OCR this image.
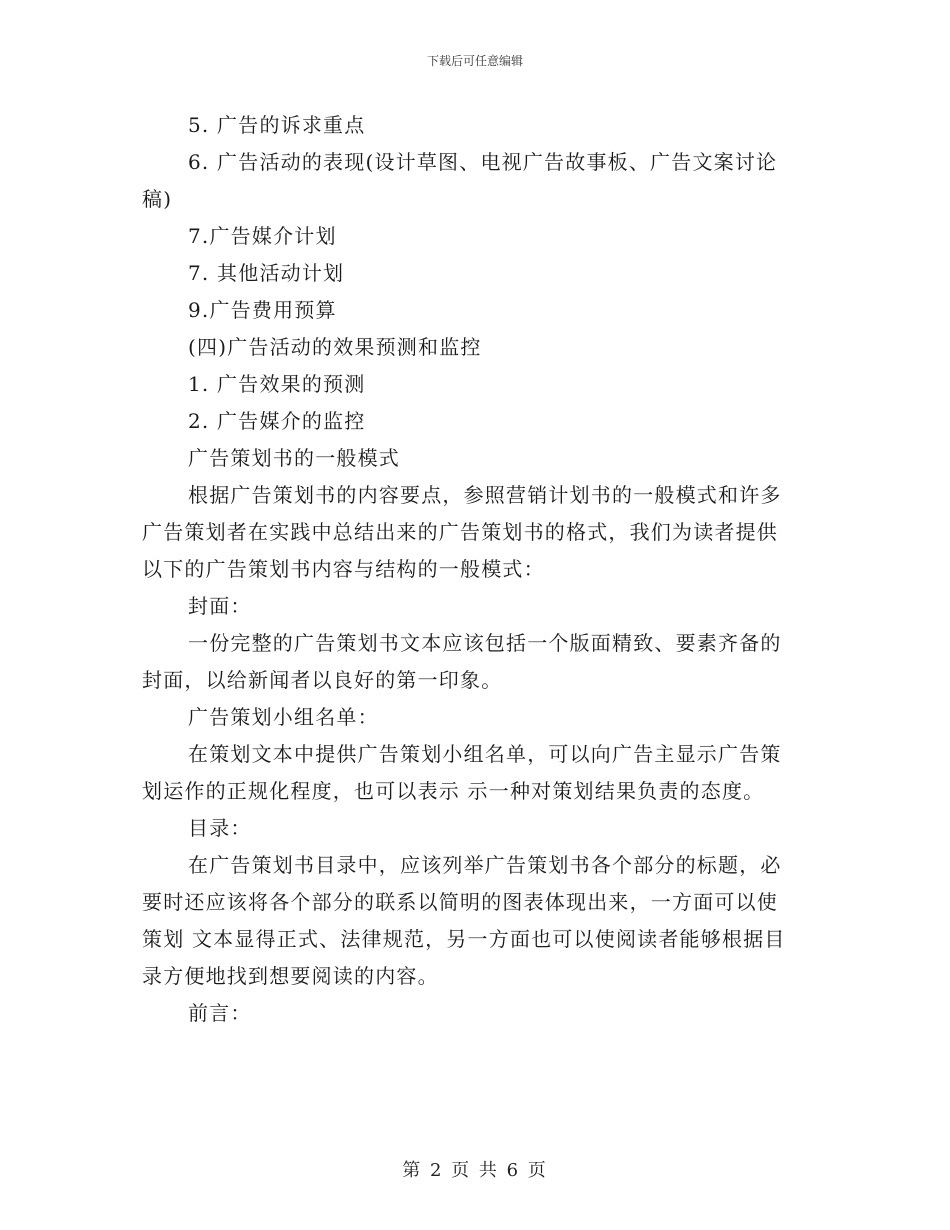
下载后可任意编辑
5. 广告的诉求重点
6. 广告活动的表现(设计草图、电视广告故事板、广告文案讨论
稿)
7.广告媒介计划
7. 其他活动计划
9.广告费用预算
(四)广告活动的效果预测和监控
1. 广告效果的预测
2. 广告媒介的监控
广告策划书的一般模式
根据广告策划书的内容要点，参照营销计划书的一般模式和许多
广告策划者在实践中总结出来的广告策划书的格式，我们为读者提供
以下的广告策划书内容与结构的一般模式：
封面：
一份完整的广告策划书文本应该包括一个版面精致、要素齐备的
封面，以给新闻者以良好的第一印象。
广告策划小组名单：
在策划文本中提供广告策划小组名单，可以向广告主显示广告策
划运作的正规化程度，也可以表示 示一种对策划结果负责的态度。
目录：
在广告策划书目录中，应该列举广告策划书各个部分的标题，必
要时还应该将各个部分的联系以简明的图表体现出来，一方面可以使
策划 文本显得正式、法律规范，另一方面也可以使阅读者能够根据目
录方便地找到想要阅读的内容。
前言：
第 2 页 共 6 页
